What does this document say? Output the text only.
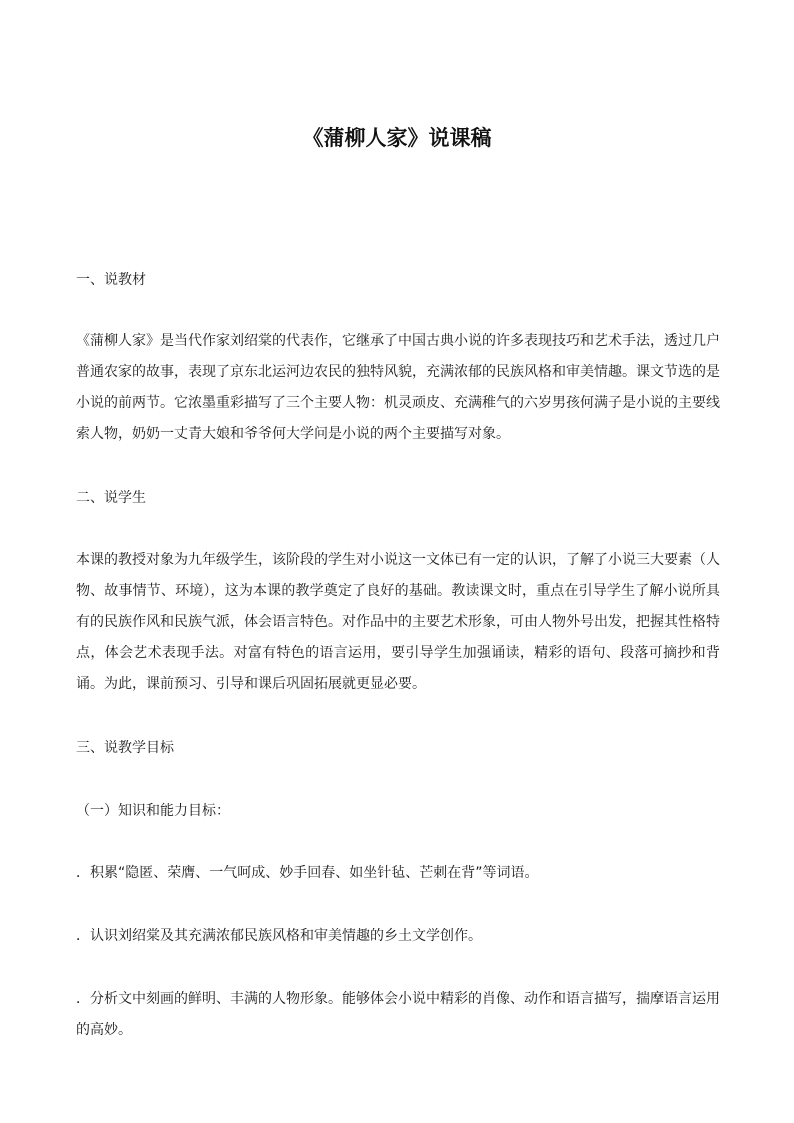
《蒲柳人家》说课稿
一、说教材

《蒲柳人家》是当代作家刘绍棠的代表作，它继承了中国古典小说的许多表现技巧和艺术手法，透过几户普通农家的故事，表现了京东北运河边农民的独特风貌，充满浓郁的民族风格和审美情趣。课文节选的是小说的前两节。它浓墨重彩描写了三个主要人物：机灵顽皮、充满稚气的六岁男孩何满子是小说的主要线索人物，奶奶一丈青大娘和爷爷何大学问是小说的两个主要描写对象。

二、说学生

本课的教授对象为九年级学生，该阶段的学生对小说这一文体已有一定的认识，了解了小说三大要素（人物、故事情节、环境），这为本课的教学奠定了良好的基础。教读课文时，重点在引导学生了解小说所具有的民族作风和民族气派，体会语言特色。对作品中的主要艺术形象，可由人物外号出发，把握其性格特点，体会艺术表现手法。对富有特色的语言运用，要引导学生加强诵读，精彩的语句、段落可摘抄和背诵。为此，课前预习、引导和课后巩固拓展就更显必要。

三、说教学目标
（一）知识和能力目标：

．积累“隐匿、荣膺、一气呵成、妙手回春、如坐针毡、芒刺在背”等词语。

．认识刘绍棠及其充满浓郁民族风格和审美情趣的乡土文学创作。

．分析文中刻画的鲜明、丰满的人物形象。能够体会小说中精彩的肖像、动作和语言描写，揣摩语言运用的高妙。
